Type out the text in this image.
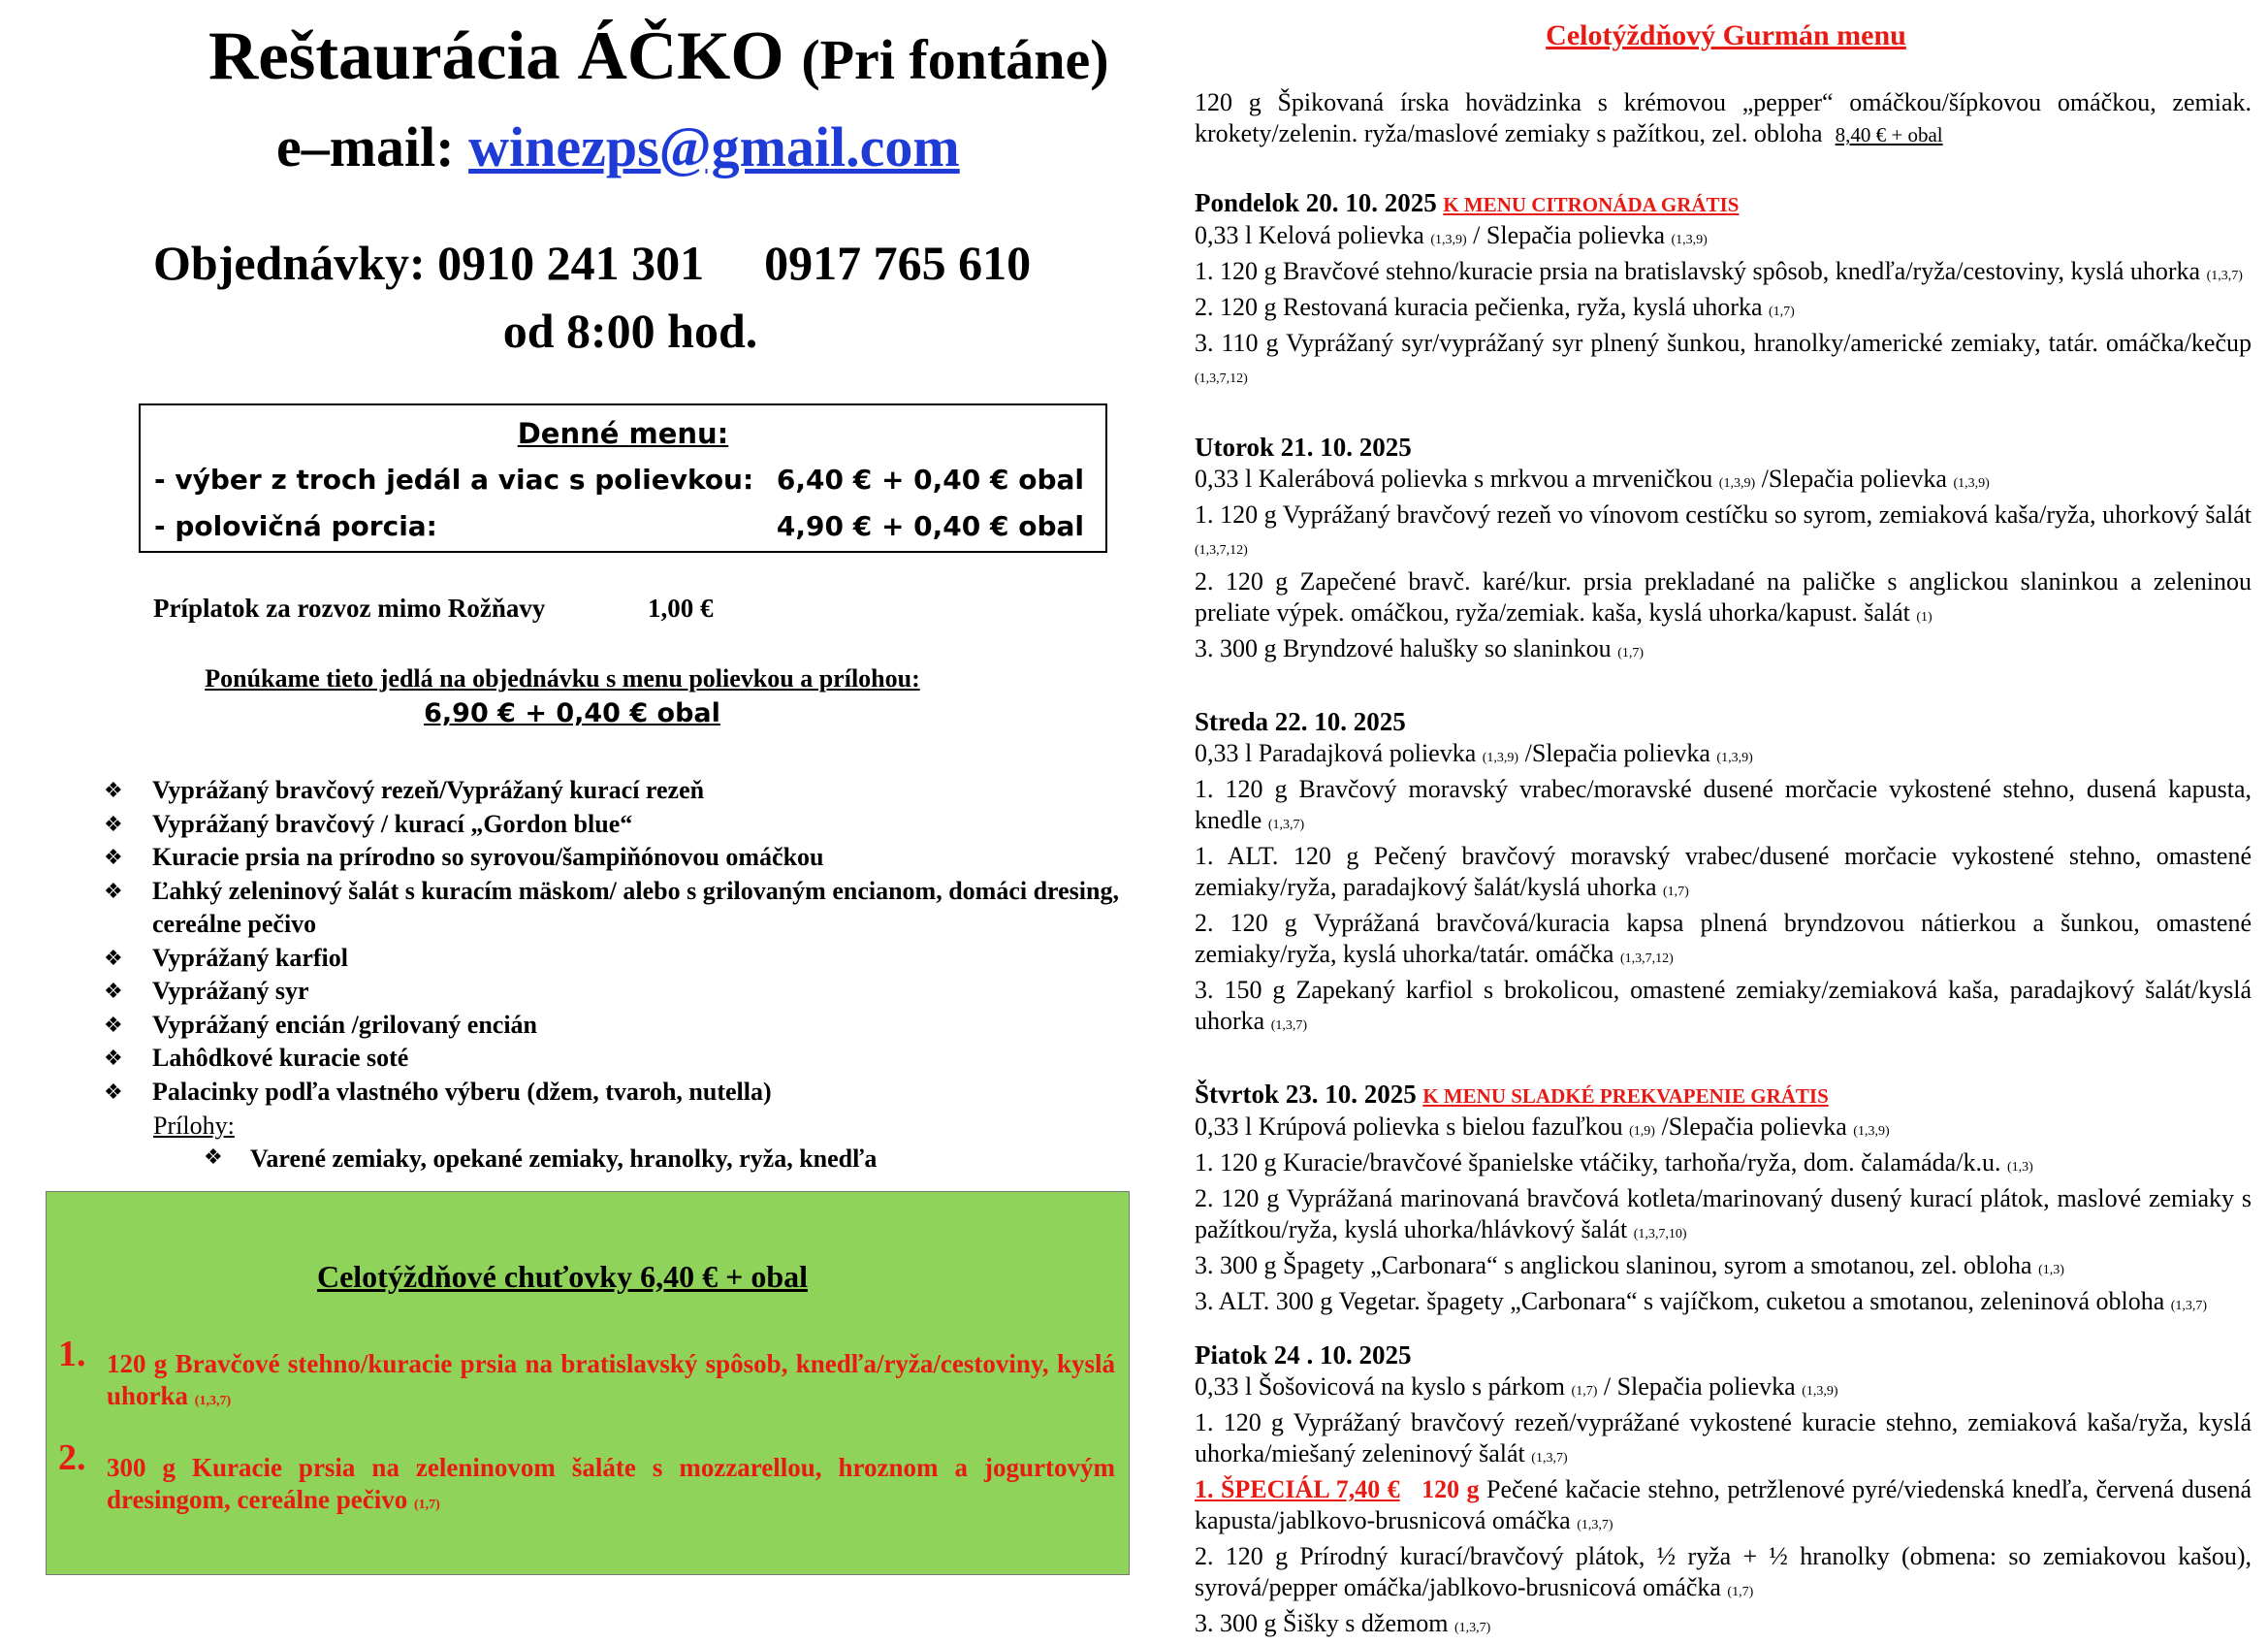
Reštaurácia ÁČKO (Pri fontáne)
e–mail: winezps@gmail.com
Objednávky: 0910 241 301 0917 765 610
od 8:00 hod.
Denné menu:
- výber z troch jedál a viac s polievkou: 6,40 € + 0,40 € obal
- polovičná porcia:	4,90 € + 0,40 € obal
Príplatok za rozvoz mimo Rožňavy	1,00 €
Ponúkame tieto jedlá na objednávku s menu polievkou a prílohou:
6,90 € + 0,40 € obal
❖ Vyprážaný bravčový rezeň/Vyprážaný kurací rezeň
❖ Vyprážaný bravčový / kurací „Gordon blue“
❖ Kuracie prsia na prírodno so syrovou/šampiňónovou omáčkou
❖ Ľahký zeleninový šalát s kuracím mäskom/ alebo s grilovaným encianom, domáci dresing, cereálne pečivo
❖ Vyprážaný karfiol
❖ Vyprážaný syr
❖ Vyprážaný encián /grilovaný encián
❖ Lahôdkové kuracie soté
❖ Palacinky podľa vlastného výberu (džem, tvaroh, nutella)
Prílohy:
❖ Varené zemiaky, opekané zemiaky, hranolky, ryža, knedľa
Celotýždňové chuťovky 6,40 € + obal
1. 120 g Bravčové stehno/kuracie prsia na bratislavský spôsob, knedľa/ryža/cestoviny, kyslá uhorka (1,3,7)
2. 300 g Kuracie prsia na zeleninovom šaláte s mozzarellou, hroznom a jogurtovým dresingom, cereálne pečivo (1,7)
Celotýždňový Gurmán menu
120 g Špikovaná írska hovädzinka s krémovou „pepper“ omáčkou/šípkovou omáčkou, zemiak. krokety/zelenin. ryža/maslové zemiaky s pažítkou, zel. obloha 8,40 € + obal
Pondelok 20. 10. 2025 K MENU CITRONÁDA GRÁTIS
0,33 l Kelová polievka (1,3,9) / Slepačia polievka (1,3,9)
1. 120 g Bravčové stehno/kuracie prsia na bratislavský spôsob, knedľa/ryža/cestoviny, kyslá uhorka (1,3,7)
2. 120 g Restovaná kuracia pečienka, ryža, kyslá uhorka (1,7)
3. 110 g Vyprážaný syr/vyprážaný syr plnený šunkou, hranolky/americké zemiaky, tatár. omáčka/kečup (1,3,7,12)
Utorok 21. 10. 2025
0,33 l Kalerábová polievka s mrkvou a mrveničkou (1,3,9) /Slepačia polievka (1,3,9)
1. 120 g Vyprážaný bravčový rezeň vo vínovom cestíčku so syrom, zemiaková kaša/ryža, uhorkový šalát (1,3,7,12)
2. 120 g Zapečené bravč. karé/kur. prsia prekladané na paličke s anglickou slaninkou a zeleninou preliate výpek. omáčkou, ryža/zemiak. kaša, kyslá uhorka/kapust. šalát (1)
3. 300 g Bryndzové halušky so slaninkou (1,7)
Streda 22. 10. 2025
0,33 l Paradajková polievka (1,3,9) /Slepačia polievka (1,3,9)
1. 120 g Bravčový moravský vrabec/moravské dusené morčacie vykostené stehno, dusená kapusta, knedle (1,3,7)
1. ALT. 120 g Pečený bravčový moravský vrabec/dusené morčacie vykostené stehno, omastené zemiaky/ryža, paradajkový šalát/kyslá uhorka (1,7)
2. 120 g Vyprážaná bravčová/kuracia kapsa plnená bryndzovou nátierkou a šunkou, omastené zemiaky/ryža, kyslá uhorka/tatár. omáčka (1,3,7,12)
3. 150 g Zapekaný karfiol s brokolicou, omastené zemiaky/zemiaková kaša, paradajkový šalát/kyslá uhorka (1,3,7)
Štvrtok 23. 10. 2025 K MENU SLADKÉ PREKVAPENIE GRÁTIS
0,33 l Krúpová polievka s bielou fazuľkou (1,9) /Slepačia polievka (1,3,9)
1. 120 g Kuracie/bravčové španielske vtáčiky, tarhoňa/ryža, dom. čalamáda/k.u. (1,3)
2. 120 g Vyprážaná marinovaná bravčová kotleta/marinovaný dusený kurací plátok, maslové zemiaky s pažítkou/ryža, kyslá uhorka/hlávkový šalát (1,3,7,10)
3. 300 g Špagety „Carbonara“ s anglickou slaninou, syrom a smotanou, zel. obloha (1,3)
3. ALT. 300 g Vegetar. špagety „Carbonara“ s vajíčkom, cuketou a smotanou, zeleninová obloha (1,3,7)
Piatok 24 . 10. 2025
0,33 l Šošovicová na kyslo s párkom (1,7) / Slepačia polievka (1,3,9)
1. 120 g Vyprážaný bravčový rezeň/vyprážané vykostené kuracie stehno, zemiaková kaša/ryža, kyslá uhorka/miešaný zeleninový šalát (1,3,7)
1. ŠPECIÁL 7,40 € 120 g Pečené kačacie stehno, petržlenové pyré/viedenská knedľa, červená dusená kapusta/jablkovo-brusnicová omáčka (1,3,7)
2. 120 g Prírodný kurací/bravčový plátok, ½ ryža + ½ hranolky (obmena: so zemiakovou kašou), syrová/pepper omáčka/jablkovo-brusnicová omáčka (1,7)
3. 300 g Šišky s džemom (1,3,7)
